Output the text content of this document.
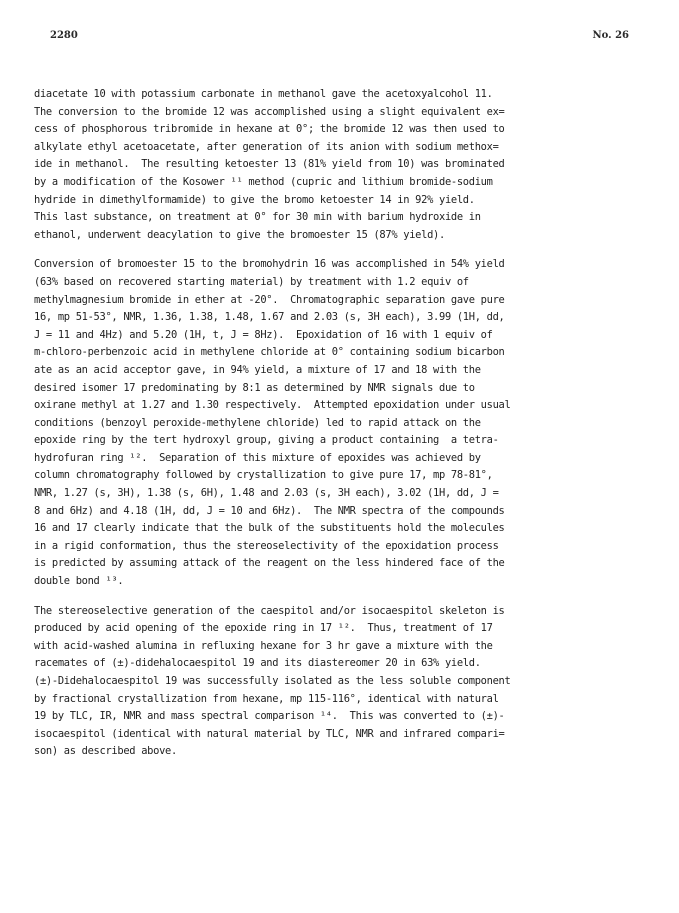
2280	No. 26
diacetate 10 with potassium carbonate in methanol gave the acetoxyalcohol 11.
The conversion to the bromide 12 was accomplished using a slight equivalent ex=
cess of phosphorous tribromide in hexane at 0°; the bromide 12 was then used to
alkylate ethyl acetoacetate, after generation of its anion with sodium methox=
ide in methanol.  The resulting ketoester 13 (81% yield from 10) was brominated
by a modification of the Kosower ¹¹ method (cupric and lithium bromide-sodium
hydride in dimethylformamide) to give the bromo ketoester 14 in 92% yield.
This last substance, on treatment at 0° for 30 min with barium hydroxide in
ethanol, underwent deacylation to give the bromoester 15 (87% yield).
Conversion of bromoester 15 to the bromohydrin 16 was accomplished in 54% yield
(63% based on recovered starting material) by treatment with 1.2 equiv of
methylmagnesium bromide in ether at -20°.  Chromatographic separation gave pure
16, mp 51-53°, NMR, 1.36, 1.38, 1.48, 1.67 and 2.03 (s, 3H each), 3.99 (1H, dd,
J = 11 and 4Hz) and 5.20 (1H, t, J = 8Hz).  Epoxidation of 16 with 1 equiv of
m-chloro-perbenzoic acid in methylene chloride at 0° containing sodium bicarbon
ate as an acid acceptor gave, in 94% yield, a mixture of 17 and 18 with the
desired isomer 17 predominating by 8:1 as determined by NMR signals due to
oxirane methyl at 1.27 and 1.30 respectively.  Attempted epoxidation under usual
conditions (benzoyl peroxide-methylene chloride) led to rapid attack on the
epoxide ring by the tert hydroxyl group, giving a product containing  a tetra-
hydrofuran ring ¹².  Separation of this mixture of epoxides was achieved by
column chromatography followed by crystallization to give pure 17, mp 78-81°,
NMR, 1.27 (s, 3H), 1.38 (s, 6H), 1.48 and 2.03 (s, 3H each), 3.02 (1H, dd, J =
8 and 6Hz) and 4.18 (1H, dd, J = 10 and 6Hz).  The NMR spectra of the compounds
16 and 17 clearly indicate that the bulk of the substituents hold the molecules
in a rigid conformation, thus the stereoselectivity of the epoxidation process
is predicted by assuming attack of the reagent on the less hindered face of the
double bond ¹³.
The stereoselective generation of the caespitol and/or isocaespitol skeleton is
produced by acid opening of the epoxide ring in 17 ¹².  Thus, treatment of 17
with acid-washed alumina in refluxing hexane for 3 hr gave a mixture with the
racemates of (±)-didehalocaespitol 19 and its diastereomer 20 in 63% yield.
(±)-Didehalocaespitol 19 was successfully isolated as the less soluble component
by fractional crystallization from hexane, mp 115-116°, identical with natural
19 by TLC, IR, NMR and mass spectral comparison ¹⁴.  This was converted to (±)-
isocaespitol (identical with natural material by TLC, NMR and infrared compari=
son) as described above.
